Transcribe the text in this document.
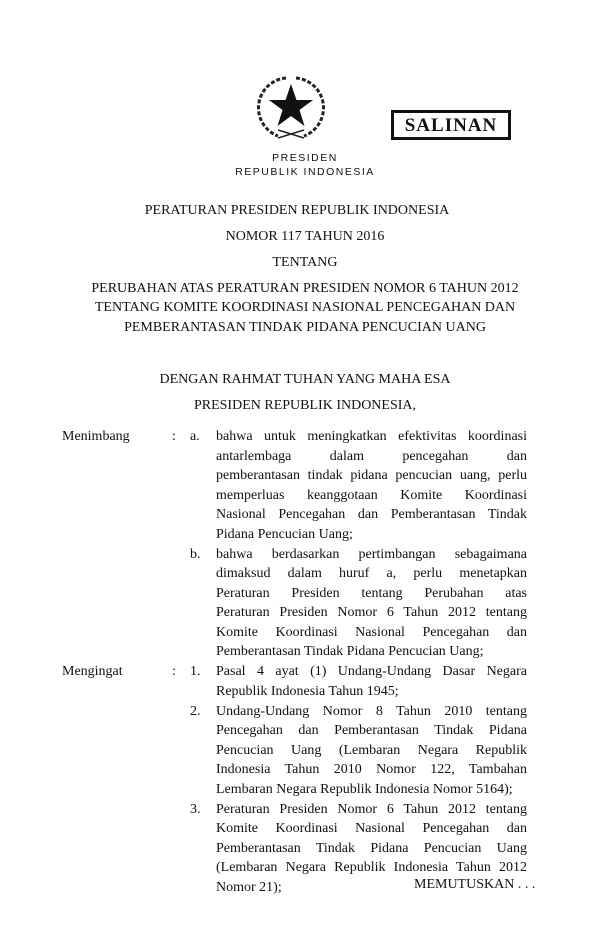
SALINAN
PRESIDEN
REPUBLIK INDONESIA
PERATURAN PRESIDEN REPUBLIK INDONESIA
NOMOR 117 TAHUN 2016
TENTANG
PERUBAHAN ATAS PERATURAN PRESIDEN NOMOR 6 TAHUN 2012
TENTANG KOMITE KOORDINASI NASIONAL PENCEGAHAN DAN
PEMBERANTASAN TINDAK PIDANA PENCUCIAN UANG
DENGAN RAHMAT TUHAN YANG MAHA ESA
PRESIDEN REPUBLIK INDONESIA,
Menimbang	: a. bahwa untuk meningkatkan efektivitas koordinasi
antarlembaga dalam pencegahan dan
pemberantasan tindak pidana pencucian uang, perlu
memperluas keanggotaan Komite Koordinasi
Nasional Pencegahan dan Pemberantasan Tindak
Pidana Pencucian Uang;
b. bahwa berdasarkan pertimbangan sebagaimana
dimaksud dalam huruf a, perlu menetapkan
Peraturan Presiden tentang Perubahan atas
Peraturan Presiden Nomor 6 Tahun 2012 tentang
Komite Koordinasi Nasional Pencegahan dan
Pemberantasan Tindak Pidana Pencucian Uang;
Mengingat	: 1. Pasal 4 ayat (1) Undang-Undang Dasar Negara
Republik Indonesia Tahun 1945;
2. Undang-Undang Nomor 8 Tahun 2010 tentang
Pencegahan dan Pemberantasan Tindak Pidana
Pencucian Uang (Lembaran Negara Republik
Indonesia Tahun 2010 Nomor 122, Tambahan
Lembaran Negara Republik Indonesia Nomor 5164);
3. Peraturan Presiden Nomor 6 Tahun 2012 tentang
Komite Koordinasi Nasional Pencegahan dan
Pemberantasan Tindak Pidana Pencucian Uang
(Lembaran Negara Republik Indonesia Tahun 2012
Nomor 21);	MEMUTUSKAN . . .
